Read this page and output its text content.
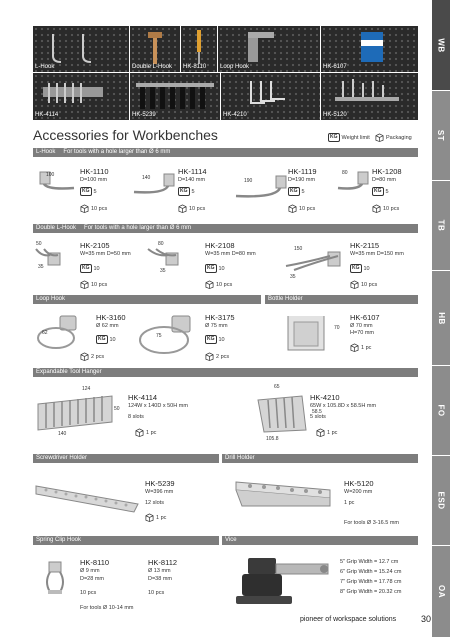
WB
ST
TB
HB
FO
ESD
OA
L-Hook	Double L-Hook HK-8110 Loop Hook	HK-6107
HK-4114	HK-5239	HK-4210	HK-5120
Accessories for Workbenches	KG Weight limit	Packaging
L-Hook For tools with a hole larger than Ø 6 mm
100	HK-1110
D=100 mm
KG 5
10 pcs
140
HK-1114
D=140 mm
KG 5
10 pcs
190
HK-1119
D=190 mm
KG 5
10 pcs
80	HK-1208
D=80 mm
KG 5
10 pcs
Double L-Hook For tools with a hole larger than Ø 6 mm
50
35
HK-2105
W=35 mm D=50 mm
KG 10
10 pcs
80
35
HK-2108
W=35 mm D=80 mm
KG 10
10 pcs
150
35
HK-2115
W=35 mm D=150 mm
KG 10
10 pcs
Loop Hook	Bottle Holder
62
HK-3160
Ø 62 mm
KG 10
2 pcs
75
HK-3175
Ø 75 mm
KG 10
2 pcs
70
HK-6107
Ø 70 mm
H=70 mm
1 pc
Expandable Tool Hanger
124
140
50
HK-4114
124W x 140D x 50H mm
8 slots
1 pc
65
105.8
58.5
HK-4210
65W x 105.8D x 58.5H mm
5 slots
1 pc
Screwdriver Holder	Drill Holder
HK-5239
W=396 mm
12 slots
1 pc
HK-5120
W=200 mm
1 pc
For tools Ø 3-16.5 mm
Spring Clip Hook	Vice
HK-8110
Ø 9 mm
D=28 mm
10 pcs
HK-8112
Ø 13 mm
D=38 mm
10 pcs
For tools Ø 10-14 mm
5" Grip Width = 12.7 cm
6" Grip Width = 15.24 cm
7" Grip Width = 17.78 cm
8" Grip Width = 20.32 cm
pioneer of workspace solutions	30
